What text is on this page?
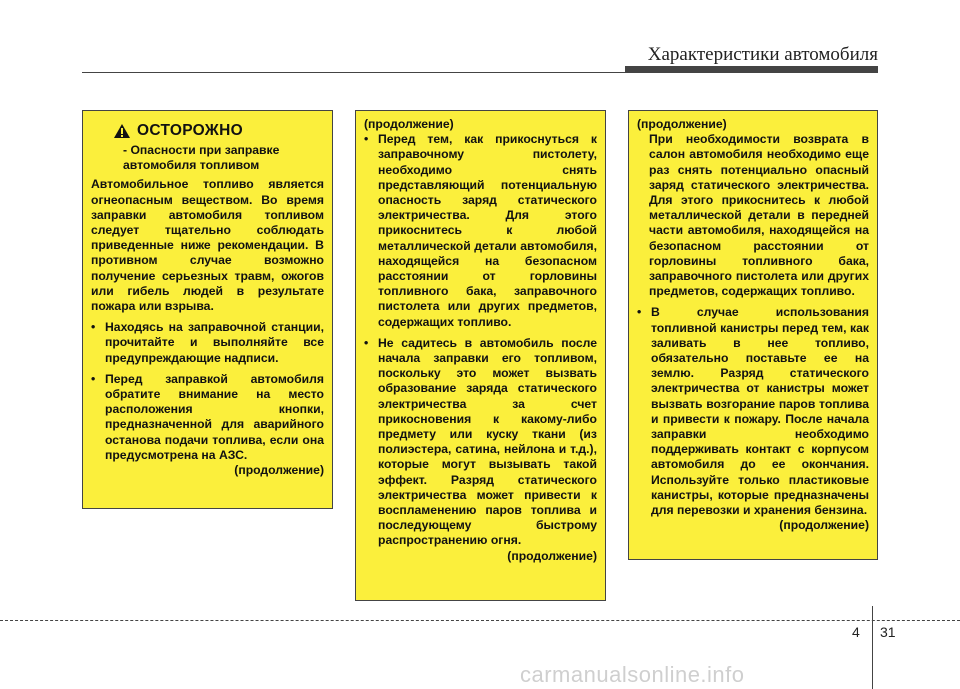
Характеристики автомобиля
ОСТОРОЖНО
- Опасности при заправке автомобиля топливом
Автомобильное топливо является огнеопасным веществом. Во время заправки автомобиля топливом следует тщательно соблюдать приведенные ниже рекомендации. В противном случае возможно получение серьезных травм, ожогов или гибель людей в результате пожара или взрыва.
• Находясь на заправочной станции, прочитайте и выполняйте все предупреждающие надписи.
• Перед заправкой автомобиля обратите внимание на место расположения кнопки, предназначенной для аварийного останова подачи топлива, если она предусмотрена на АЗС.
(продолжение)
(продолжение)
• Перед тем, как прикоснуться к заправочному пистолету, необходимо снять представляющий потенциальную опасность заряд статического электричества. Для этого прикоснитесь к любой металлической детали автомобиля, находящейся на безопасном расстоянии от горловины топливного бака, заправочного пистолета или других предметов, содержащих топливо.
• Не садитесь в автомобиль после начала заправки его топливом, поскольку это может вызвать образование заряда статического электричества за счет прикосновения к какому-либо предмету или куску ткани (из полиэстера, сатина, нейлона и т.д.), которые могут вызывать такой эффект. Разряд статического электричества может привести к воспламенению паров топлива и последующему быстрому распространению огня.
(продолжение)
(продолжение)
При необходимости возврата в салон автомобиля необходимо еще раз снять потенциально опасный заряд статического электричества. Для этого прикоснитесь к любой металлической детали в передней части автомобиля, находящейся на безопасном расстоянии от горловины топливного бака, заправочного пистолета или других предметов, содержащих топливо.
• В случае использования топливной канистры перед тем, как заливать в нее топливо, обязательно поставьте ее на землю. Разряд статического электричества от канистры может вызвать возгорание паров топлива и привести к пожару. После начала заправки необходимо поддерживать контакт с корпусом автомобиля до ее окончания. Используйте только пластиковые канистры, которые предназначены для перевозки и хранения бензина.
(продолжение)
4 31
carmanualsonline.info
